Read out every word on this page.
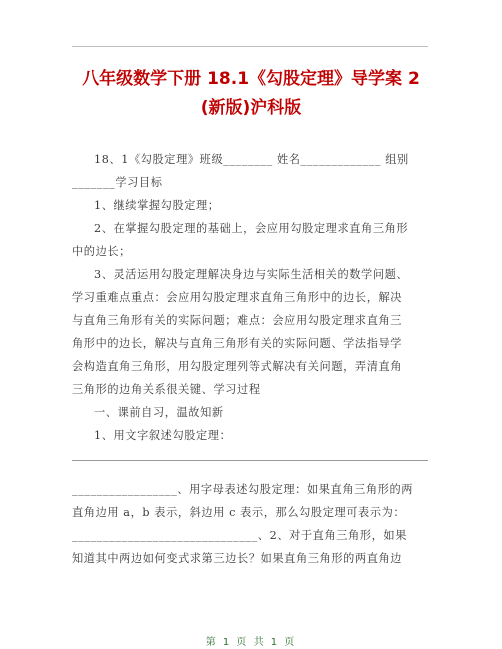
八年级数学下册 18.1《勾股定理》导学案 2
(新版)沪科版
18、1《勾股定理》班级________ 姓名_____________ 组别
_______学习目标
1、继续掌握勾股定理；
2、在掌握勾股定理的基础上，会应用勾股定理求直角三角形
中的边长；
3、灵活运用勾股定理解决身边与实际生活相关的数学问题、
学习重难点重点：会应用勾股定理求直角三角形中的边长，解决
与直角三角形有关的实际问题；难点：会应用勾股定理求直角三
角形中的边长，解决与直角三角形有关的实际问题、学法指导学
会构造直角三角形，用勾股定理列等式解决有关问题，弄清直角
三角形的边角关系很关键、学习过程
一、课前自习，温故知新
1、用文字叙述勾股定理：
_________________、用字母表述勾股定理：如果直角三角形的两
直角边用 a，b 表示，斜边用 c 表示，那么勾股定理可表示为：
______________________________、2、对于直角三角形，如果
知道其中两边如何变式求第三边长？如果直角三角形的两直角边
第 1 页 共 1 页
